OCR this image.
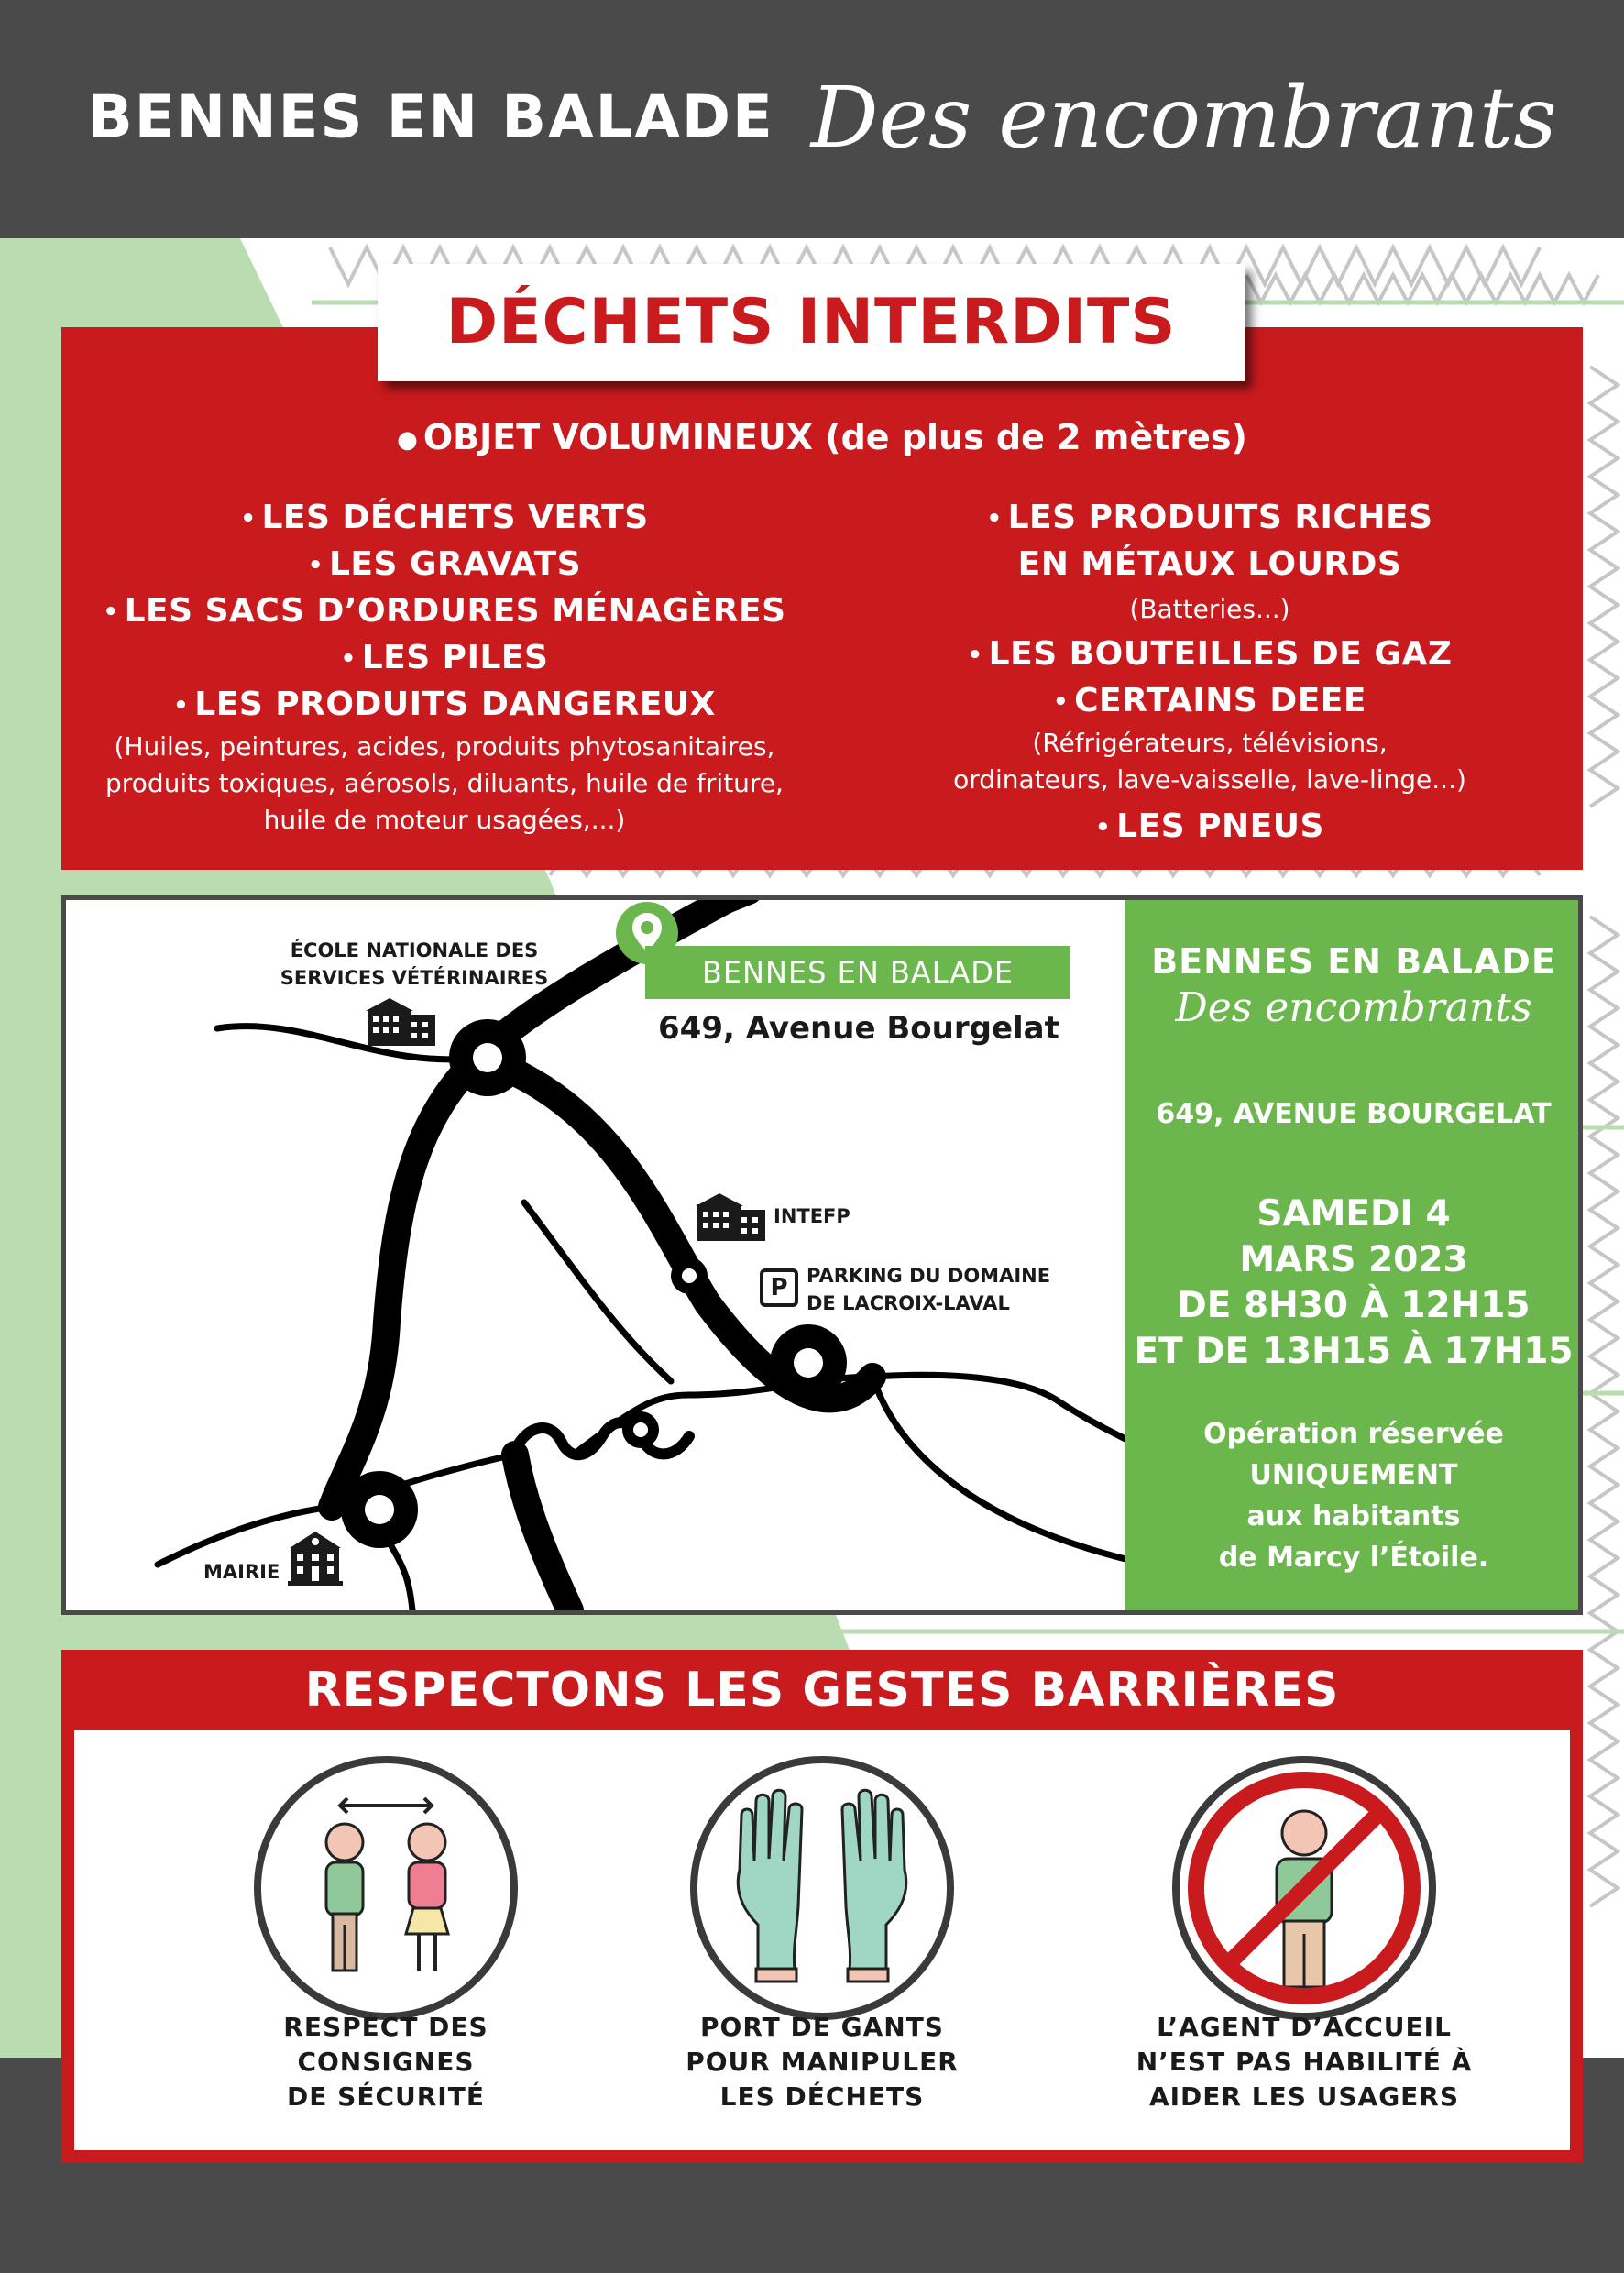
BENNES EN BALADE Des encombrants
DÉCHETS INTERDITS
● OBJET VOLUMINEUX (de plus de 2 mètres)
• LES DÉCHETS VERTS
• LES GRAVATS
• LES SACS D’ORDURES MÉNAGÈRES
• LES PILES
• LES PRODUITS DANGEREUX
(Huiles, peintures, acides, produits phytosanitaires,
produits toxiques, aérosols, diluants, huile de friture,
huile de moteur usagées,...)
• LES PRODUITS RICHES
EN MÉTAUX LOURDS
(Batteries...)
• LES BOUTEILLES DE GAZ
• CERTAINS DEEE
(Réfrigérateurs, télévisions,
ordinateurs, lave-vaisselle, lave-linge...)
• LES PNEUS
BENNES EN BALADE
649, Avenue Bourgelat
ÉCOLE NATIONALE DES
SERVICES VÉTÉRINAIRES
INTEFP
P PARKING DU DOMAINE
DE LACROIX-LAVAL
MAIRIE
BENNES EN BALADE
Des encombrants
649, AVENUE BOURGELAT
SAMEDI 4
MARS 2023
DE 8H30 À 12H15
ET DE 13H15 À 17H15
Opération réservée
UNIQUEMENT
aux habitants
de Marcy l’Étoile.
RESPECTONS LES GESTES BARRIÈRES
RESPECT DES
CONSIGNES
DE SÉCURITÉ
PORT DE GANTS
POUR MANIPULER
LES DÉCHETS
L’AGENT D’ACCUEIL
N’EST PAS HABILITÉ À
AIDER LES USAGERS
